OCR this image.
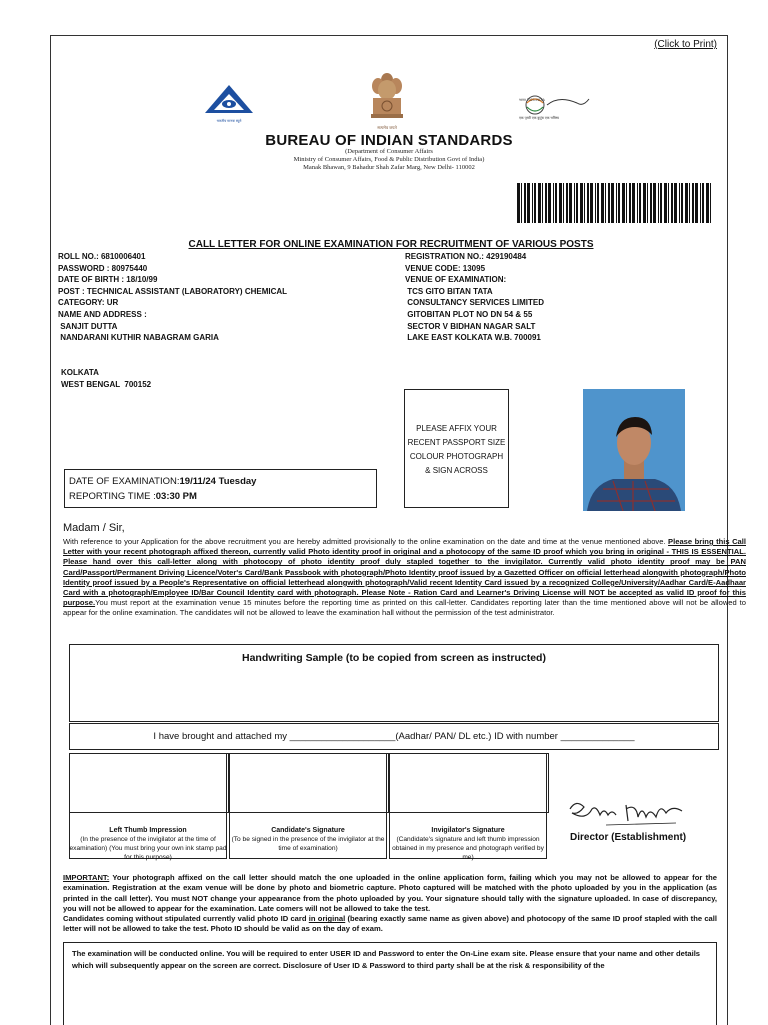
(Click to Print)
भारतीय मानक ब्यूरो
सत्यमेव जयते
भारत 2023 INDIA
एक पृथ्वी एक कुटुंब एक भविष्य
BUREAU OF INDIAN STANDARDS
(Department of Consumer Affairs
Ministry of Consumer Affairs, Food & Public Distribution Govt of India)
Manak Bhawan, 9 Bahadur Shah Zafar Marg, New Delhi- 110002
CALL LETTER FOR ONLINE EXAMINATION FOR RECRUITMENT OF VARIOUS POSTS
ROLL NO.: 6810006401
PASSWORD : 80975440
DATE OF BIRTH : 18/10/99
POST : TECHNICAL ASSISTANT (LABORATORY) CHEMICAL
CATEGORY: UR
NAME AND ADDRESS :
SANJIT DUTTA
NANDARANI KUTHIR NABAGRAM GARIA
KOLKATA
WEST BENGAL  700152
REGISTRATION NO.: 429190484
VENUE CODE: 13095
VENUE OF EXAMINATION:
TCS GITO BITAN TATA
CONSULTANCY SERVICES LIMITED
GITOBITAN PLOT NO DN 54 & 55
SECTOR V BIDHAN NAGAR SALT
LAKE EAST KOLKATA W.B. 700091
DATE OF EXAMINATION:19/11/24 Tuesday
REPORTING TIME :03:30 PM
PLEASE AFFIX YOUR
RECENT PASSPORT SIZE
COLOUR PHOTOGRAPH
& SIGN ACROSS
Madam / Sir,
With reference to your Application for the above recruitment you are hereby admitted provisionally to the online examination on the date and time at the venue mentioned above. Please bring this Call Letter with your recent photograph affixed thereon, currently valid Photo identity proof in original and a photocopy of the same ID proof which you bring in original - THIS IS ESSENTIAL. Please hand over this call-letter along with photocopy of photo identity proof duly stapled together to the invigilator. Currently valid photo identity proof may be PAN Card/Passport/Permanent Driving Licence/Voter's Card/Bank Passbook with photograph/Photo Identity proof issued by a Gazetted Officer on official letterhead alongwith photograph/Photo Identity proof issued by a People's Representative on official letterhead alongwith photograph/Valid recent Identity Card issued by a recognized College/University/Aadhar Card/E-Aadhaar Card with a photograph/Employee ID/Bar Council Identity card with photograph. Please Note - Ration Card and Learner's Driving License will NOT be accepted as valid ID proof for this purpose.You must report at the examination venue 15 minutes before the reporting time as printed on this call-letter. Candidates reporting later than the time mentioned above will not be allowed to appear for the online examination. The candidates will not be allowed to leave the examination hall without the permission of the test administrator.
Handwriting Sample (to be copied from screen as instructed)
I have brought and attached my ____________________(Aadhar/ PAN/ DL etc.) ID with number ______________
Left Thumb Impression
(In the presence of the invigilator at the time of examination) (You must bring your own ink stamp pad for this purpose)
Candidate's Signature
(To be signed in the presence of the invigilator at the time of examination)
Invigilator's Signature
(Candidate's signature and left thumb impression obtained in my presence and photograph verified by me)
Director (Establishment)
IMPORTANT: Your photograph affixed on the call letter should match the one uploaded in the online application form, failing which you may not be allowed to appear for the examination. Registration at the exam venue will be done by photo and biometric capture. Photo captured will be matched with the photo uploaded by you in the application (as printed in the call letter). You must NOT change your appearance from the photo uploaded by you. Your signature should tally with the signature uploaded. In case of discrepancy, you will not be allowed to appear for the examination. Late comers will not be allowed to take the test.
Candidates coming without stipulated currently valid photo ID card in original (bearing exactly same name as given above) and photocopy of the same ID proof stapled with the call letter will not be allowed to take the test. Photo ID should be valid as on the day of exam.
The examination will be conducted online. You will be required to enter USER ID and Password to enter the On-Line exam site. Please ensure that your name and other details which will subsequently appear on the screen are correct. Disclosure of User ID & Password to third party shall be at the risk & responsibility of the
